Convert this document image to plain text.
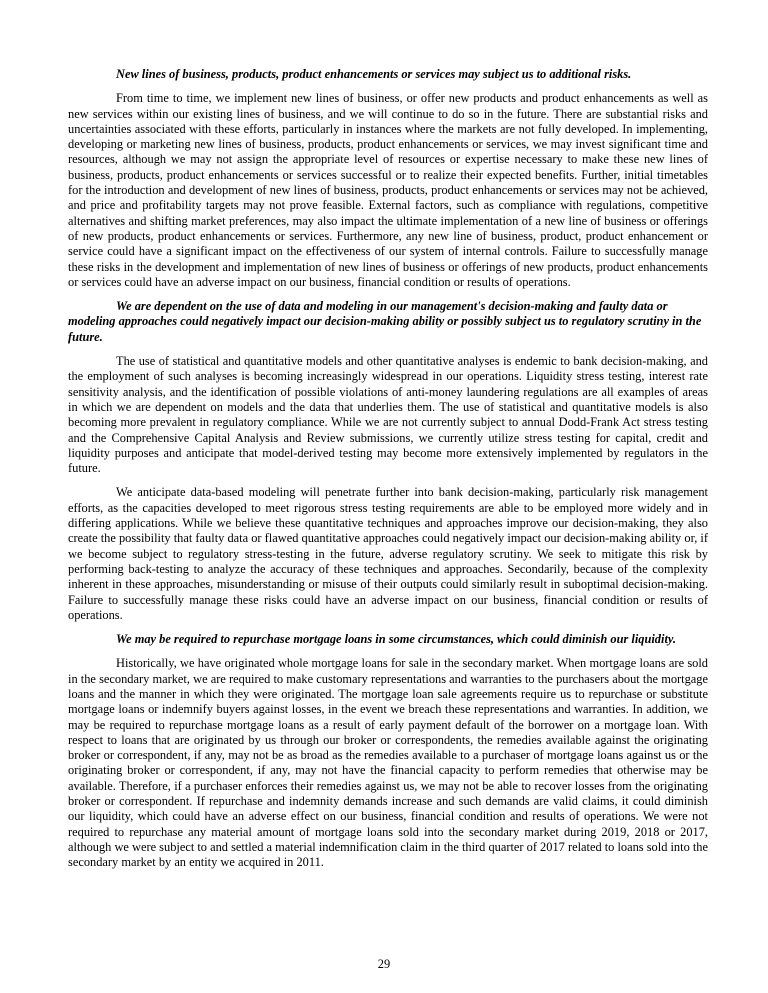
New lines of business, products, product enhancements or services may subject us to additional risks.

From time to time, we implement new lines of business, or offer new products and product enhancements as well as new services within our existing lines of business, and we will continue to do so in the future. There are substantial risks and uncertainties associated with these efforts, particularly in instances where the markets are not fully developed. In implementing, developing or marketing new lines of business, products, product enhancements or services, we may invest significant time and resources, although we may not assign the appropriate level of resources or expertise necessary to make these new lines of business, products, product enhancements or services successful or to realize their expected benefits. Further, initial timetables for the introduction and development of new lines of business, products, product enhancements or services may not be achieved, and price and profitability targets may not prove feasible. External factors, such as compliance with regulations, competitive alternatives and shifting market preferences, may also impact the ultimate implementation of a new line of business or offerings of new products, product enhancements or services. Furthermore, any new line of business, product, product enhancement or service could have a significant impact on the effectiveness of our system of internal controls. Failure to successfully manage these risks in the development and implementation of new lines of business or offerings of new products, product enhancements or services could have an adverse impact on our business, financial condition or results of operations.

We are dependent on the use of data and modeling in our management's decision-making and faulty data or modeling approaches could negatively impact our decision-making ability or possibly subject us to regulatory scrutiny in the future.

The use of statistical and quantitative models and other quantitative analyses is endemic to bank decision-making, and the employment of such analyses is becoming increasingly widespread in our operations. Liquidity stress testing, interest rate sensitivity analysis, and the identification of possible violations of anti-money laundering regulations are all examples of areas in which we are dependent on models and the data that underlies them. The use of statistical and quantitative models is also becoming more prevalent in regulatory compliance. While we are not currently subject to annual Dodd-Frank Act stress testing and the Comprehensive Capital Analysis and Review submissions, we currently utilize stress testing for capital, credit and liquidity purposes and anticipate that model-derived testing may become more extensively implemented by regulators in the future.

We anticipate data-based modeling will penetrate further into bank decision-making, particularly risk management efforts, as the capacities developed to meet rigorous stress testing requirements are able to be employed more widely and in differing applications. While we believe these quantitative techniques and approaches improve our decision-making, they also create the possibility that faulty data or flawed quantitative approaches could negatively impact our decision-making ability or, if we become subject to regulatory stress-testing in the future, adverse regulatory scrutiny. We seek to mitigate this risk by performing back-testing to analyze the accuracy of these techniques and approaches. Secondarily, because of the complexity inherent in these approaches, misunderstanding or misuse of their outputs could similarly result in suboptimal decision-making. Failure to successfully manage these risks could have an adverse impact on our business, financial condition or results of operations.

We may be required to repurchase mortgage loans in some circumstances, which could diminish our liquidity.

Historically, we have originated whole mortgage loans for sale in the secondary market. When mortgage loans are sold in the secondary market, we are required to make customary representations and warranties to the purchasers about the mortgage loans and the manner in which they were originated. The mortgage loan sale agreements require us to repurchase or substitute mortgage loans or indemnify buyers against losses, in the event we breach these representations and warranties. In addition, we may be required to repurchase mortgage loans as a result of early payment default of the borrower on a mortgage loan. With respect to loans that are originated by us through our broker or correspondents, the remedies available against the originating broker or correspondent, if any, may not be as broad as the remedies available to a purchaser of mortgage loans against us or the originating broker or correspondent, if any, may not have the financial capacity to perform remedies that otherwise may be available. Therefore, if a purchaser enforces their remedies against us, we may not be able to recover losses from the originating broker or correspondent. If repurchase and indemnity demands increase and such demands are valid claims, it could diminish our liquidity, which could have an adverse effect on our business, financial condition and results of operations. We were not required to repurchase any material amount of mortgage loans sold into the secondary market during 2019, 2018 or 2017, although we were subject to and settled a material indemnification claim in the third quarter of 2017 related to loans sold into the secondary market by an entity we acquired in 2011.

29
